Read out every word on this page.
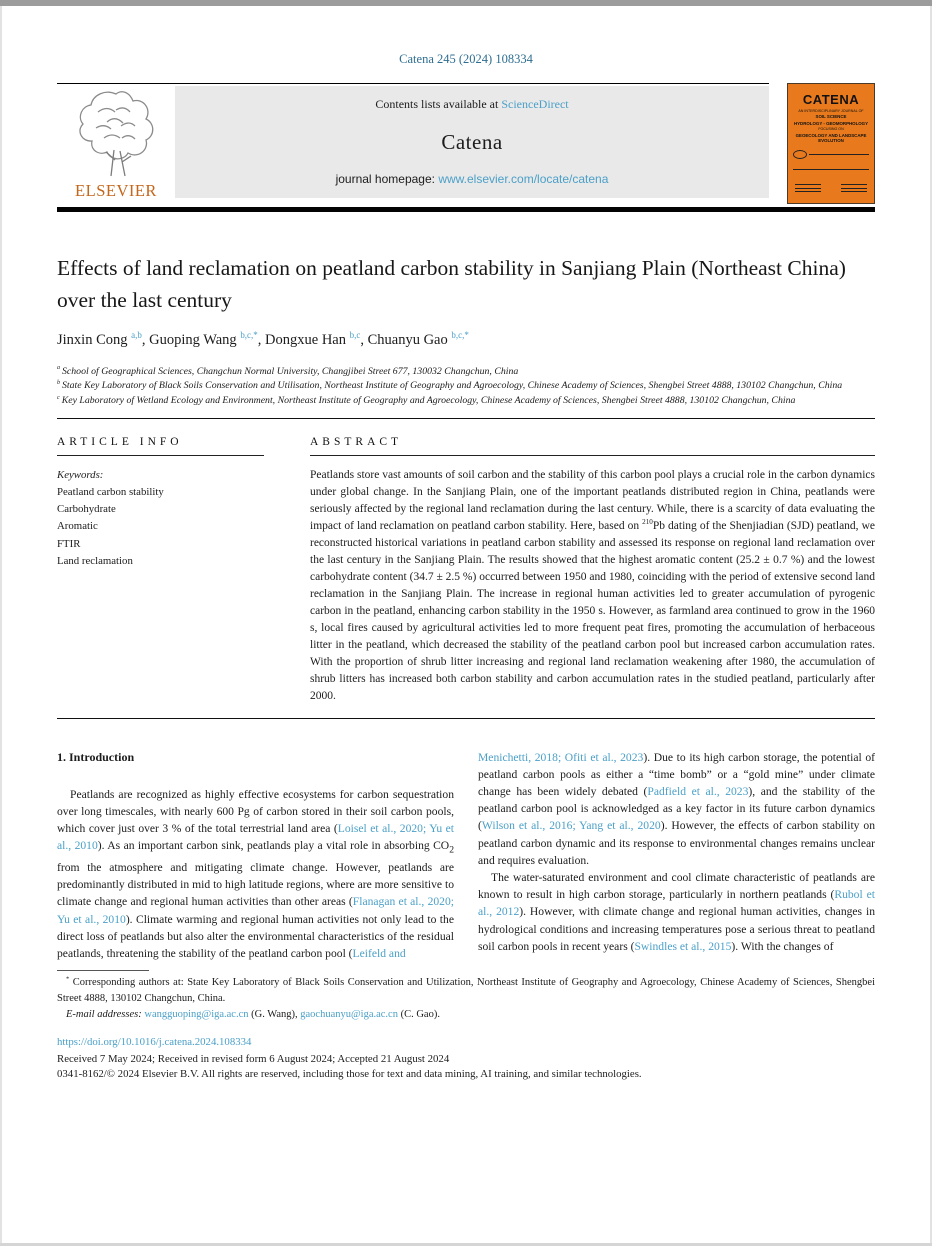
Catena 245 (2024) 108334
ELSEVIER
Contents lists available at ScienceDirect
Catena
journal homepage: www.elsevier.com/locate/catena
CATENA
AN INTERDISCIPLINARY JOURNAL OF
SOIL SCIENCE
HYDROLOGY - GEOMORPHOLOGY
FOCUSING ON
GEOECOLOGY AND LANDSCAPE EVOLUTION
Effects of land reclamation on peatland carbon stability in Sanjiang Plain (Northeast China) over the last century
Jinxin Cong $^{a,b}$, Guoping Wang $^{b,c,*}$, Dongxue Han $^{b,c}$, Chuanyu Gao $^{b,c,*}$
$^a$ School of Geographical Sciences, Changchun Normal University, Changjibei Street 677, 130032 Changchun, China
$^b$ State Key Laboratory of Black Soils Conservation and Utilisation, Northeast Institute of Geography and Agroecology, Chinese Academy of Sciences, Shengbei Street 4888, 130102 Changchun, China
$^c$ Key Laboratory of Wetland Ecology and Environment, Northeast Institute of Geography and Agroecology, Chinese Academy of Sciences, Shengbei Street 4888, 130102 Changchun, China
ARTICLE INFO
Keywords:
Peatland carbon stability
Carbohydrate
Aromatic
FTIR
Land reclamation
ABSTRACT
Peatlands store vast amounts of soil carbon and the stability of this carbon pool plays a crucial role in the carbon dynamics under global change. In the Sanjiang Plain, one of the important peatlands distributed region in China, peatlands were seriously affected by the regional land reclamation during the last century. While, there is a scarcity of data evaluating the impact of land reclamation on peatland carbon stability. Here, based on $^{210}$Pb dating of the Shenjiadian (SJD) peatland, we reconstructed historical variations in peatland carbon stability and assessed its response on regional land reclamation over the last century in the Sanjiang Plain. The results showed that the highest aromatic content (25.2 ± 0.7 %) and the lowest carbohydrate content (34.7 ± 2.5 %) occurred between 1950 and 1980, coinciding with the period of extensive second land reclamation in the Sanjiang Plain. The increase in regional human activities led to greater accumulation of pyrogenic carbon in the peatland, enhancing carbon stability in the 1950 s. However, as farmland area continued to grow in the 1960 s, local fires caused by agricultural activities led to more frequent peat fires, promoting the accumulation of herbaceous litter in the peatland, which decreased the stability of the peatland carbon pool but increased carbon accumulation rates. With the proportion of shrub litter increasing and regional land reclamation weakening after 1980, the accumulation of shrub litters has increased both carbon stability and carbon accumulation rates in the studied peatland, particularly after 2000.
1. Introduction

Peatlands are recognized as highly effective ecosystems for carbon sequestration over long timescales, with nearly 600 Pg of carbon stored in their soil carbon pools, which cover just over 3 % of the total terrestrial land area (Loisel et al., 2020; Yu et al., 2010). As an important carbon sink, peatlands play a vital role in absorbing $CO_2$ from the atmosphere and mitigating climate change. However, peatlands are predominantly distributed in mid to high latitude regions, where are more sensitive to climate change and regional human activities than other areas (Flanagan et al., 2020; Yu et al., 2010). Climate warming and regional human activities not only lead to the direct loss of peatlands but also alter the environmental characteristics of the residual peatlands, threatening the stability of the peatland carbon pool (Leifeld and

Menichetti, 2018; Ofiti et al., 2023). Due to its high carbon storage, the potential of peatland carbon pools as either a “time bomb” or a “gold mine” under climate change has been widely debated (Padfield et al., 2023), and the stability of the peatland carbon pool is acknowledged as a key factor in its future carbon dynamics (Wilson et al., 2016; Yang et al., 2020). However, the effects of carbon stability on peatland carbon dynamic and its response to environmental changes remains unclear and requires evaluation.

The water-saturated environment and cool climate characteristic of peatlands are known to result in high carbon storage, particularly in northern peatlands (Rubol et al., 2012). However, with climate change and regional human activities, changes in hydrological conditions and increasing temperatures pose a serious threat to peatland soil carbon pools in recent years (Swindles et al., 2015). With the changes of

* Corresponding authors at: State Key Laboratory of Black Soils Conservation and Utilization, Northeast Institute of Geography and Agroecology, Chinese Academy of Sciences, Shengbei Street 4888, 130102 Changchun, China.
E-mail addresses: wangguoping@iga.ac.cn (G. Wang), gaochuanyu@iga.ac.cn (C. Gao).
https://doi.org/10.1016/j.catena.2024.108334
Received 7 May 2024; Received in revised form 6 August 2024; Accepted 21 August 2024
0341-8162/© 2024 Elsevier B.V. All rights are reserved, including those for text and data mining, AI training, and similar technologies.
